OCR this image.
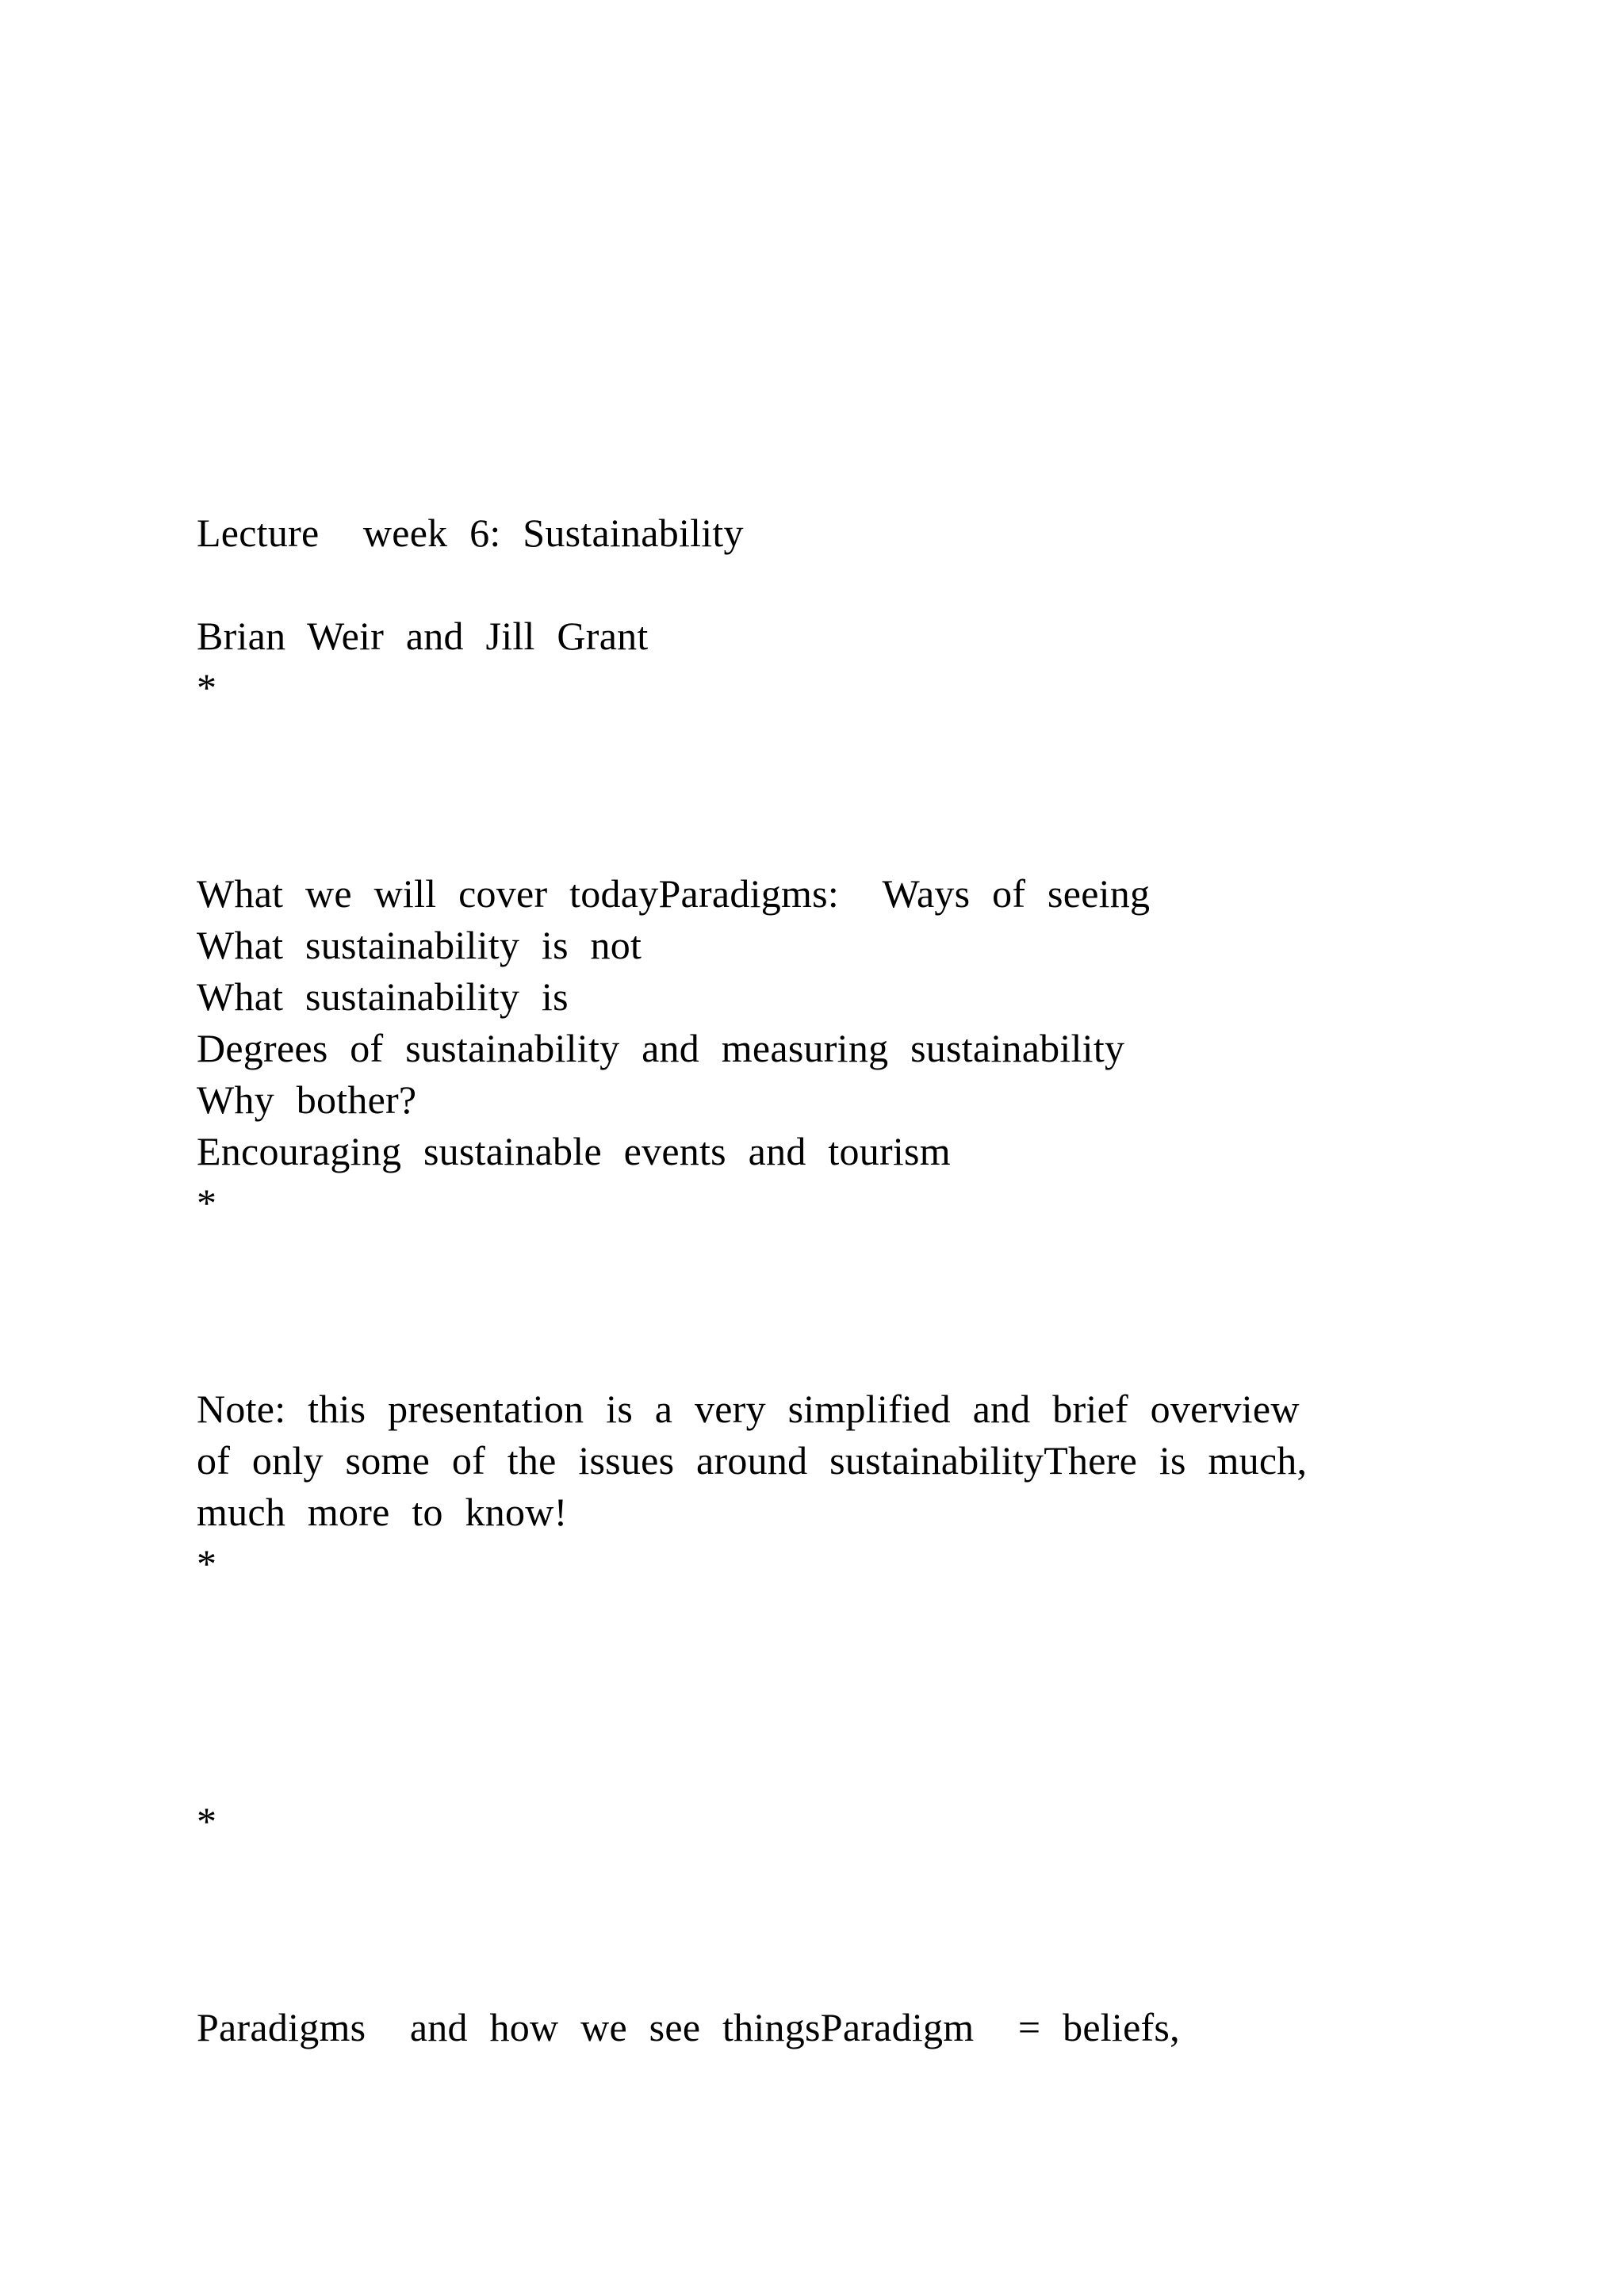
Lecture  week 6: Sustainability
Brian Weir and Jill Grant
*
What we will cover todayParadigms:  Ways of seeing
What sustainability is not
What sustainability is
Degrees of sustainability and measuring sustainability
Why bother?
Encouraging sustainable events and tourism
*
Note: this presentation is a very simplified and brief overview
of only some of the issues around sustainabilityThere is much,
much more to know!
*
*
Paradigms  and how we see thingsParadigm  = beliefs,
